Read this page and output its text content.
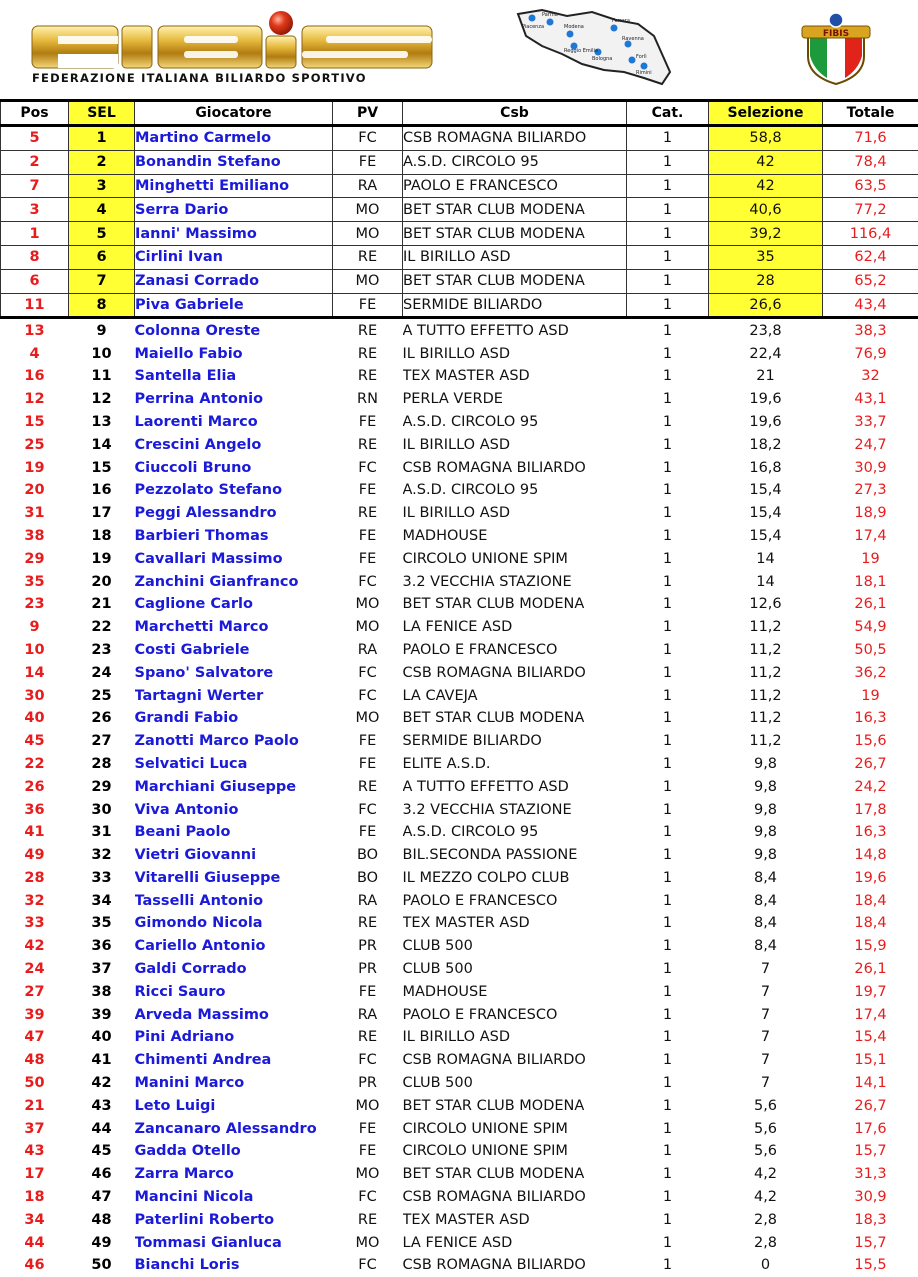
FEDERAZIONE ITALIANA BILIARDO SPORTIVO
Piacenza
Parma
Modena
Ferrara
Reggio Emilia
Bologna
Ravenna
Forlì
Rimini
FIBIS
Pos	SEL	Giocatore	PV	Csb	Cat.	Selezione	Totale
5	1	Martino Carmelo	FC	CSB ROMAGNA BILIARDO	1	58,8	71,6
2	2	Bonandin Stefano	FE	A.S.D. CIRCOLO 95	1	42	78,4
7	3	Minghetti Emiliano	RA	PAOLO E FRANCESCO	1	42	63,5
3	4	Serra Dario	MO	BET STAR CLUB MODENA	1	40,6	77,2
1	5	Ianni' Massimo	MO	BET STAR CLUB MODENA	1	39,2	116,4
8	6	Cirlini Ivan	RE	IL BIRILLO ASD	1	35	62,4
6	7	Zanasi Corrado	MO	BET STAR CLUB MODENA	1	28	65,2
11	8	Piva Gabriele	FE	SERMIDE BILIARDO	1	26,6	43,4
13	9	Colonna Oreste	RE	A TUTTO EFFETTO ASD	1	23,8	38,3
4	10	Maiello Fabio	RE	IL BIRILLO ASD	1	22,4	76,9
16	11	Santella Elia	RE	TEX MASTER ASD	1	21	32
12	12	Perrina Antonio	RN	PERLA VERDE	1	19,6	43,1
15	13	Laorenti Marco	FE	A.S.D. CIRCOLO 95	1	19,6	33,7
25	14	Crescini Angelo	RE	IL BIRILLO ASD	1	18,2	24,7
19	15	Ciuccoli Bruno	FC	CSB ROMAGNA BILIARDO	1	16,8	30,9
20	16	Pezzolato Stefano	FE	A.S.D. CIRCOLO 95	1	15,4	27,3
31	17	Peggi Alessandro	RE	IL BIRILLO ASD	1	15,4	18,9
38	18	Barbieri Thomas	FE	MADHOUSE	1	15,4	17,4
29	19	Cavallari Massimo	FE	CIRCOLO UNIONE SPIM	1	14	19
35	20	Zanchini Gianfranco	FC	3.2 VECCHIA STAZIONE	1	14	18,1
23	21	Caglione Carlo	MO	BET STAR CLUB MODENA	1	12,6	26,1
9	22	Marchetti Marco	MO	LA FENICE ASD	1	11,2	54,9
10	23	Costi Gabriele	RA	PAOLO E FRANCESCO	1	11,2	50,5
14	24	Spano' Salvatore	FC	CSB ROMAGNA BILIARDO	1	11,2	36,2
30	25	Tartagni Werter	FC	LA CAVEJA	1	11,2	19
40	26	Grandi Fabio	MO	BET STAR CLUB MODENA	1	11,2	16,3
45	27	Zanotti Marco Paolo	FE	SERMIDE BILIARDO	1	11,2	15,6
22	28	Selvatici Luca	FE	ELITE A.S.D.	1	9,8	26,7
26	29	Marchiani Giuseppe	RE	A TUTTO EFFETTO ASD	1	9,8	24,2
36	30	Viva Antonio	FC	3.2 VECCHIA STAZIONE	1	9,8	17,8
41	31	Beani Paolo	FE	A.S.D. CIRCOLO 95	1	9,8	16,3
49	32	Vietri Giovanni	BO	BIL.SECONDA PASSIONE	1	9,8	14,8
28	33	Vitarelli Giuseppe	BO	IL MEZZO COLPO CLUB	1	8,4	19,6
32	34	Tasselli Antonio	RA	PAOLO E FRANCESCO	1	8,4	18,4
33	35	Gimondo Nicola	RE	TEX MASTER ASD	1	8,4	18,4
42	36	Cariello Antonio	PR	CLUB 500	1	8,4	15,9
24	37	Galdi Corrado	PR	CLUB 500	1	7	26,1
27	38	Ricci Sauro	FE	MADHOUSE	1	7	19,7
39	39	Arveda Massimo	RA	PAOLO E FRANCESCO	1	7	17,4
47	40	Pini Adriano	RE	IL BIRILLO ASD	1	7	15,4
48	41	Chimenti Andrea	FC	CSB ROMAGNA BILIARDO	1	7	15,1
50	42	Manini Marco	PR	CLUB 500	1	7	14,1
21	43	Leto Luigi	MO	BET STAR CLUB MODENA	1	5,6	26,7
37	44	Zancanaro Alessandro	FE	CIRCOLO UNIONE SPIM	1	5,6	17,6
43	45	Gadda Otello	FE	CIRCOLO UNIONE SPIM	1	5,6	15,7
17	46	Zarra Marco	MO	BET STAR CLUB MODENA	1	4,2	31,3
18	47	Mancini Nicola	FC	CSB ROMAGNA BILIARDO	1	4,2	30,9
34	48	Paterlini Roberto	RE	TEX MASTER ASD	1	2,8	18,3
44	49	Tommasi Gianluca	MO	LA FENICE ASD	1	2,8	15,7
46	50	Bianchi Loris	FC	CSB ROMAGNA BILIARDO	1	0	15,5
